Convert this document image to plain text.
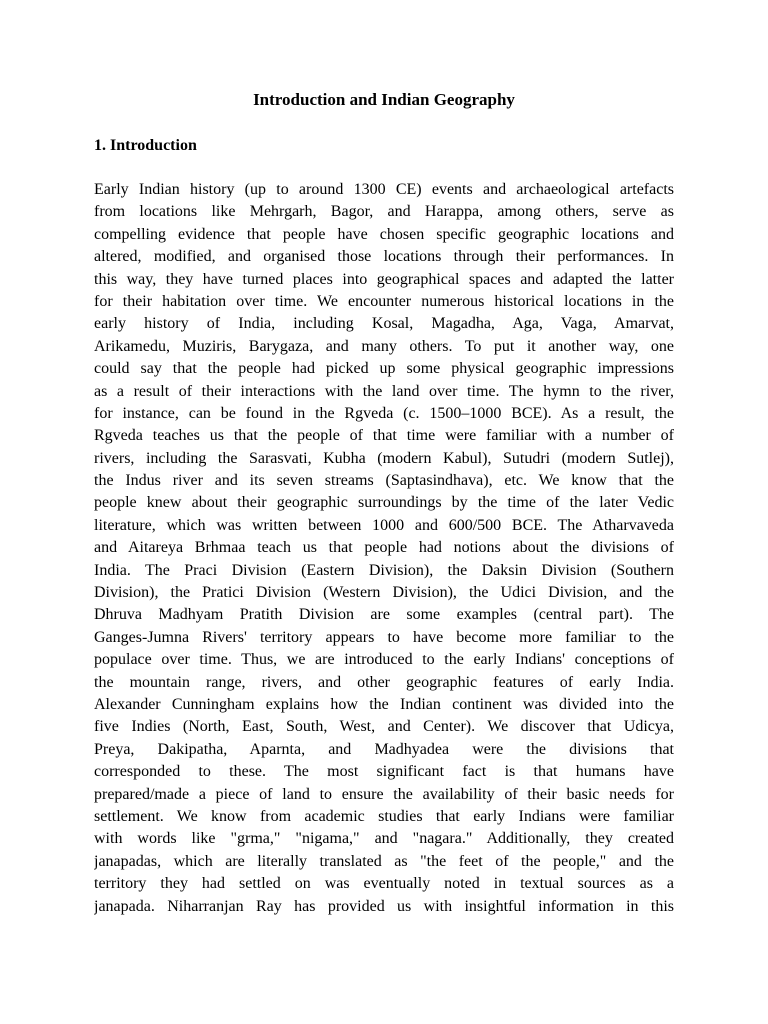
Introduction and Indian Geography
1. Introduction
Early Indian history (up to around 1300 CE) events and archaeological artefacts
from locations like Mehrgarh, Bagor, and Harappa, among others, serve as
compelling evidence that people have chosen specific geographic locations and
altered, modified, and organised those locations through their performances. In
this way, they have turned places into geographical spaces and adapted the latter
for their habitation over time. We encounter numerous historical locations in the
early history of India, including Kosal, Magadha, Aga, Vaga, Amarvat,
Arikamedu, Muziris, Barygaza, and many others. To put it another way, one
could say that the people had picked up some physical geographic impressions
as a result of their interactions with the land over time. The hymn to the river,
for instance, can be found in the Rgveda (c. 1500–1000 BCE). As a result, the
Rgveda teaches us that the people of that time were familiar with a number of
rivers, including the Sarasvati, Kubha (modern Kabul), Sutudri (modern Sutlej),
the Indus river and its seven streams (Saptasindhava), etc. We know that the
people knew about their geographic surroundings by the time of the later Vedic
literature, which was written between 1000 and 600/500 BCE. The Atharvaveda
and Aitareya Brhmaa teach us that people had notions about the divisions of
India. The Praci Division (Eastern Division), the Daksin Division (Southern
Division), the Pratici Division (Western Division), the Udici Division, and the
Dhruva Madhyam Pratith Division are some examples (central part). The
Ganges-Jumna Rivers' territory appears to have become more familiar to the
populace over time. Thus, we are introduced to the early Indians' conceptions of
the mountain range, rivers, and other geographic features of early India.
Alexander Cunningham explains how the Indian continent was divided into the
five Indies (North, East, South, West, and Center). We discover that Udicya,
Preya, Dakipatha, Aparnta, and Madhyadea were the divisions that
corresponded to these. The most significant fact is that humans have
prepared/made a piece of land to ensure the availability of their basic needs for
settlement. We know from academic studies that early Indians were familiar
with words like "grma," "nigama," and "nagara." Additionally, they created
janapadas, which are literally translated as "the feet of the people," and the
territory they had settled on was eventually noted in textual sources as a
janapada. Niharranjan Ray has provided us with insightful information in this
